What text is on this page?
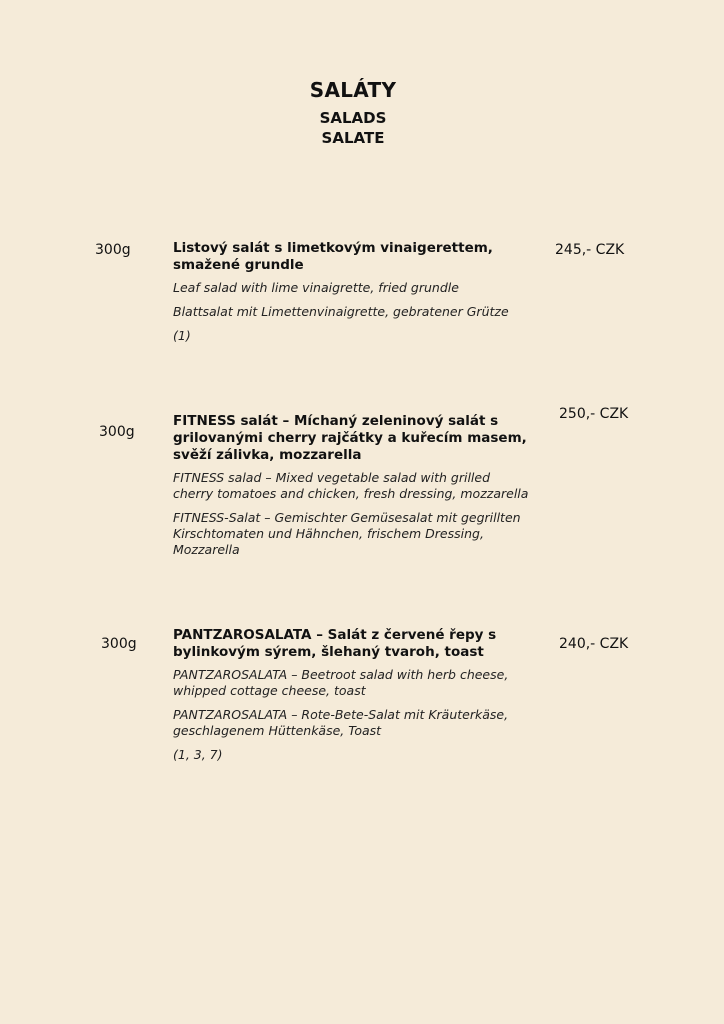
SALÁTY
SALADS
SALATE
300g	Listový salát s limetkovým vinaigerettem, smažené grundle
Leaf salad with lime vinaigrette, fried grundle
Blattsalat mit Limettenvinaigrette, gebratener Grütze
(1)
245,- CZK
300g
FITNESS salát – Míchaný zeleninový salát s grilovanými cherry rajčátky a kuřecím masem, svěží zálivka, mozzarella
FITNESS salad – Mixed vegetable salad with grilled cherry tomatoes and chicken, fresh dressing, mozzarella
FITNESS-Salat – Gemischter Gemüsesalat mit gegrillten Kirschtomaten und Hähnchen, frischem Dressing, Mozzarella
250,- CZK
300g
PANTZAROSALATA – Salát z červené řepy s bylinkovým sýrem, šlehaný tvaroh, toast
PANTZAROSALATA – Beetroot salad with herb cheese, whipped cottage cheese, toast
PANTZAROSALATA – Rote-Bete-Salat mit Kräuterkäse, geschlagenem Hüttenkäse, Toast
(1, 3, 7)
240,- CZK
